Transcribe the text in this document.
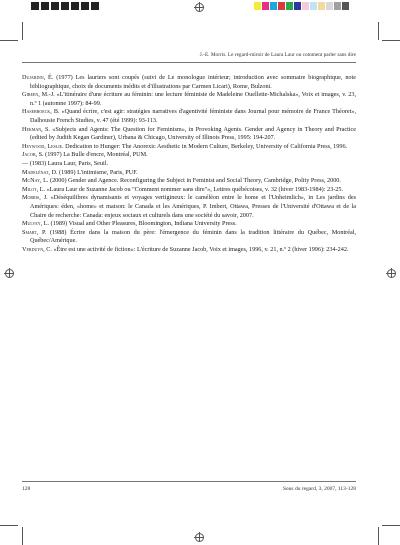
J.-E. Morris. Le regard-miroir de Laura Laur ou comment parler sans dire

Dujardin, É. (1977) Les lauriers sont coupés (suivi de Le monologue intérieur; introduction avec sommaire biographique, note bibliographique, choix de documents inédits et d'illustrations par Carmen Licari), Rome, Bulzoni.

Gibeen, M.-J. «L'itinéraire d'une écriture au féminin: une lecture féministe de Madeleine Ouellette-Michalska», Voix et images, v. 23, n.º 1 (automne 1997): 84-99.

Hasebroeck, B. «Quand écrire, c'est agir: stratégies narratives d'agentivité féministe dans Journal pour mémoire de France Théoret», Dalhousie French Studies, v. 47 (été 1999): 93-113.

Hekman, S. «Subjects and Agents: The Question for Feminism», in Provoking Agents. Gender and Agency in Theory and Practice (edited by Judith Kegan Gardiner), Urbana & Chicago, University of Illinois Press, 1995: 194-207.

Heywood, Leslie. Dedication to Hunger: The Anorexic Aesthetic in Modern Culture, Berkeley, University of California Press, 1996.

Jacob, S. (1997) La Bulle d'encre, Montréal, PUM.

— (1983) Laura Laur, Paris, Seuil.

Madelénat, D. (1989) L'intimisme, Paris, PUF.

McNay, L. (2000) Gender and Agence. Reconfiguring the Subject in Feminist and Social Theory, Cambridge, Polity Press, 2000.

Milot, L. «Laura Laur de Suzanne Jacob ou "Comment nommer sans dire"», Lettres québécoises, v. 32 (hiver 1983-1984): 23-25.

Morris, J. «Déséquilibres dynamisants et voyages vertigineux: le caméléon entre le home et l'Unheimlich», in Les jardins des Amériques: éden, «home» et maison: le Canada et les Amériques, P. Imbert, Ottawa, Presses de l'Université d'Ottawa et de la Chaire de recherche: Canada: enjeux sociaux et culturels dans une société du savoir, 2007.

Mulvey, L. (1989) Visual and Other Pleasures, Bloomington, Indiana University Press.

Smart, P. (1988) Écrire dans la maison du père: l'émergence du féminin dans la tradition littéraire du Québec, Montréal, Québec/Amérique.

Verduyn, C. «Être est une activité de fiction»: L'écriture de Suzanne Jacob, Voix et images, 1996, v. 21, n.º 2 (hiver 1996): 234-242.

128	Sous du regard, 3, 2007, 113-128
